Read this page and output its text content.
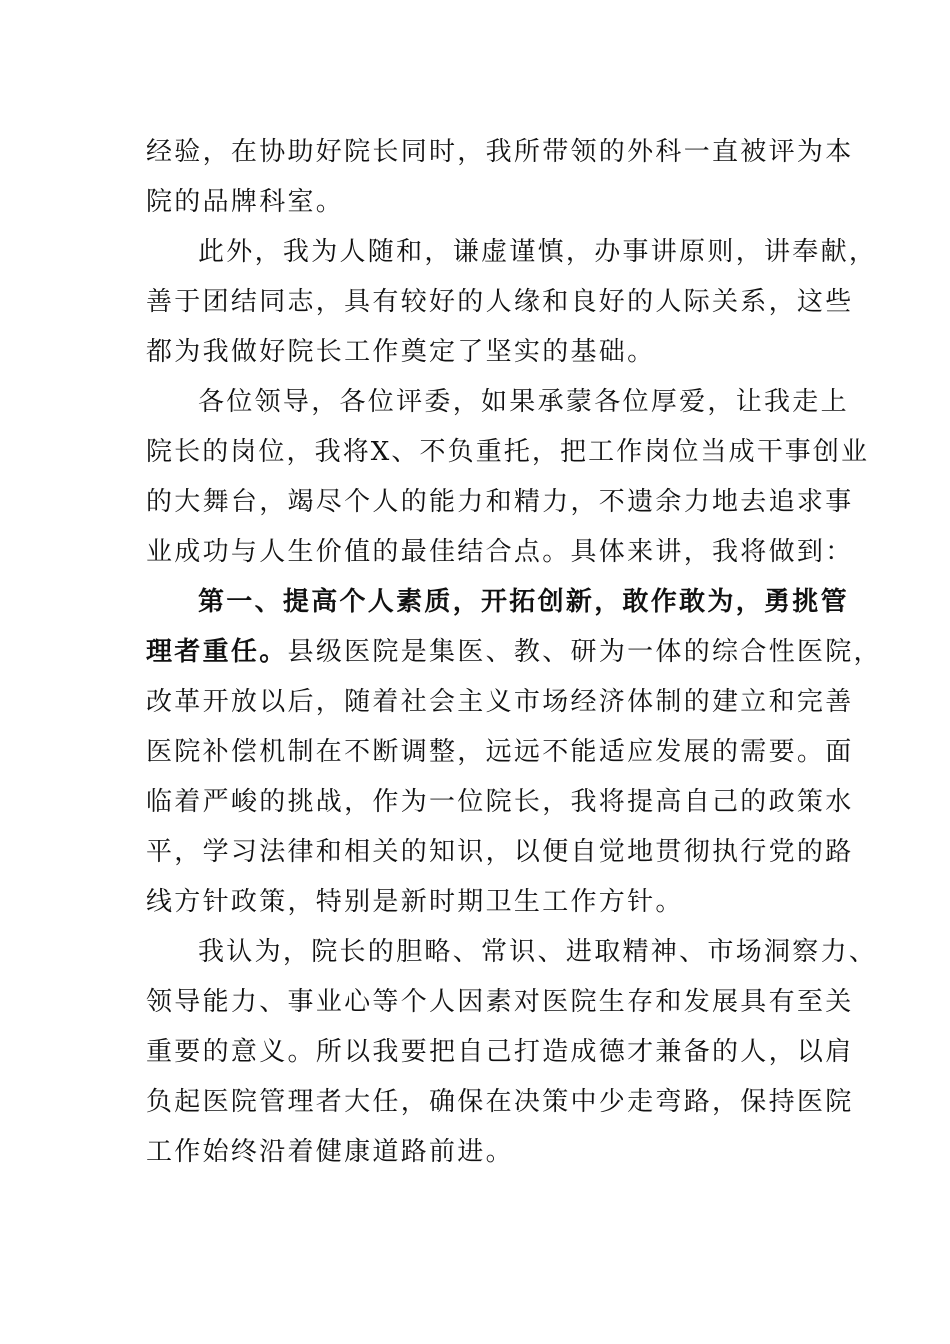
经验，在协助好院长同时，我所带领的外科一直被评为本
院的品牌科室。
此外，我为人随和，谦虚谨慎，办事讲原则，讲奉献，
善于团结同志，具有较好的人缘和良好的人际关系，这些
都为我做好院长工作奠定了坚实的基础。
各位领导，各位评委，如果承蒙各位厚爱，让我走上
院长的岗位，我将X、不负重托，把工作岗位当成干事创业
的大舞台，竭尽个人的能力和精力，不遗余力地去追求事
业成功与人生价值的最佳结合点。具体来讲，我将做到：
第一、提高个人素质，开拓创新，敢作敢为，勇挑管
理者重任。县级医院是集医、教、研为一体的综合性医院，
改革开放以后，随着社会主义市场经济体制的建立和完善
医院补偿机制在不断调整，远远不能适应发展的需要。面
临着严峻的挑战，作为一位院长，我将提高自己的政策水
平，学习法律和相关的知识，以便自觉地贯彻执行党的路
线方针政策，特别是新时期卫生工作方针。
我认为，院长的胆略、常识、进取精神、市场洞察力、
领导能力、事业心等个人因素对医院生存和发展具有至关
重要的意义。所以我要把自己打造成德才兼备的人，以肩
负起医院管理者大任，确保在决策中少走弯路，保持医院
工作始终沿着健康道路前进。
